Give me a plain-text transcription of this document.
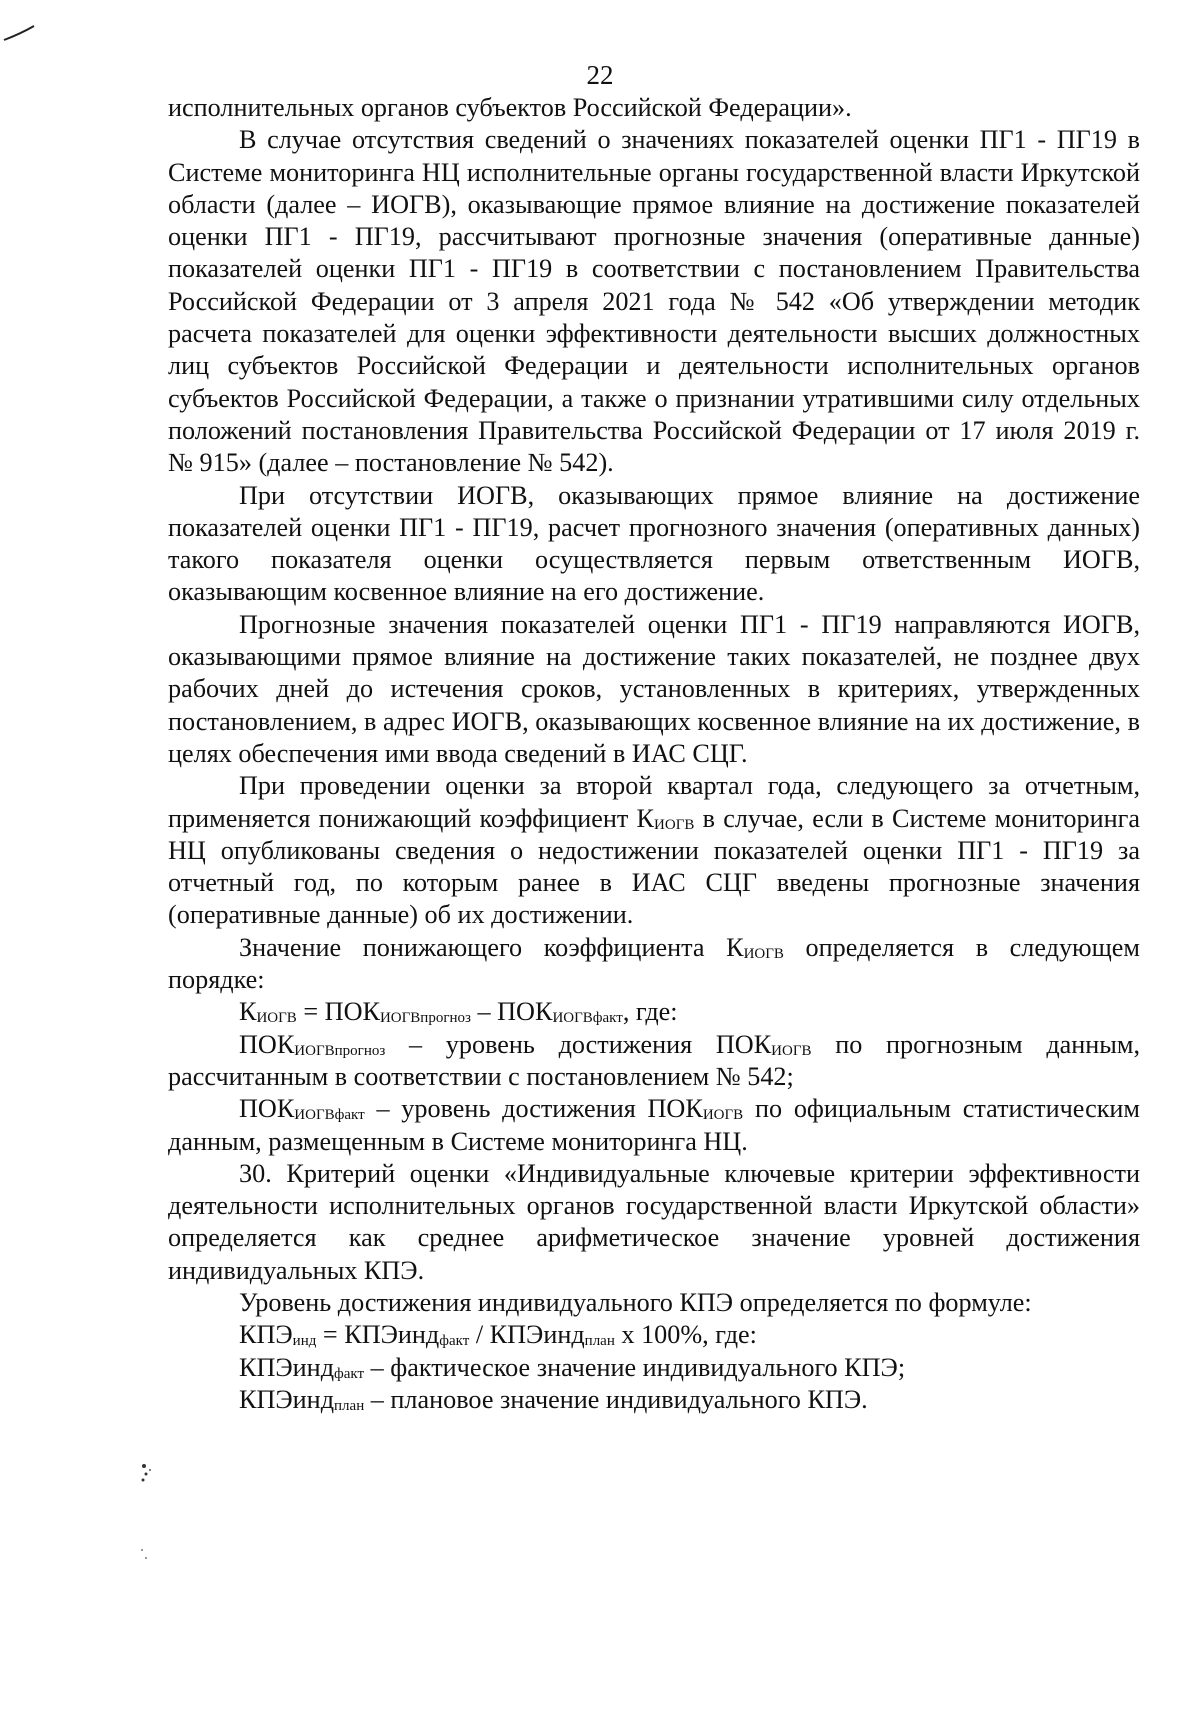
22

исполнительных органов субъектов Российской Федерации».

В случае отсутствия сведений о значениях показателей оценки ПГ1 - ПГ19 в Системе мониторинга НЦ исполнительные органы государственной власти Иркутской области (далее – ИОГВ), оказывающие прямое влияние на достижение показателей оценки ПГ1 - ПГ19, рассчитывают прогнозные значения (оперативные данные) показателей оценки ПГ1 - ПГ19 в соответствии с постановлением Правительства Российской Федерации от 3 апреля 2021 года № 542 «Об утверждении методик расчета показателей для оценки эффективности деятельности высших должностных лиц субъектов Российской Федерации и деятельности исполнительных органов субъектов Российской Федерации, а также о признании утратившими силу отдельных положений постановления Правительства Российской Федерации от 17 июля 2019 г. № 915» (далее – постановление № 542).

При отсутствии ИОГВ, оказывающих прямое влияние на достижение показателей оценки ПГ1 - ПГ19, расчет прогнозного значения (оперативных данных) такого показателя оценки осуществляется первым ответственным ИОГВ, оказывающим косвенное влияние на его достижение.

Прогнозные значения показателей оценки ПГ1 - ПГ19 направляются ИОГВ, оказывающими прямое влияние на достижение таких показателей, не позднее двух рабочих дней до истечения сроков, установленных в критериях, утвержденных постановлением, в адрес ИОГВ, оказывающих косвенное влияние на их достижение, в целях обеспечения ими ввода сведений в ИАС СЦГ.

При проведении оценки за второй квартал года, следующего за отчетным, применяется понижающий коэффициент $К_{ИОГВ}$ в случае, если в Системе мониторинга НЦ опубликованы сведения о недостижении показателей оценки ПГ1 - ПГ19 за отчетный год, по которым ранее в ИАС СЦГ введены прогнозные значения (оперативные данные) об их достижении.

Значение понижающего коэффициента $К_{ИОГВ}$ определяется в следующем порядке:

$К_{ИОГВ} = ПОК_{ИОГВпрогноз} - ПОК_{ИОГВфакт}$, где:

$ПОК_{ИОГВпрогноз}$ – уровень достижения $ПОК_{ИОГВ}$ по прогнозным данным, рассчитанным в соответствии с постановлением № 542;

$ПОК_{ИОГВфакт}$ – уровень достижения $ПОК_{ИОГВ}$ по официальным статистическим данным, размещенным в Системе мониторинга НЦ.

30. Критерий оценки «Индивидуальные ключевые критерии эффективности деятельности исполнительных органов государственной власти Иркутской области» определяется как среднее арифметическое значение уровней достижения индивидуальных КПЭ.

Уровень достижения индивидуального КПЭ определяется по формуле:

$КПЭ_{инд}$ = КПЭинд$_{факт}$ / КПЭинд$_{план}$ х 100%, где:

КПЭинд$_{факт}$ – фактическое значение индивидуального КПЭ;

КПЭинд$_{план}$ – плановое значение индивидуального КПЭ.
